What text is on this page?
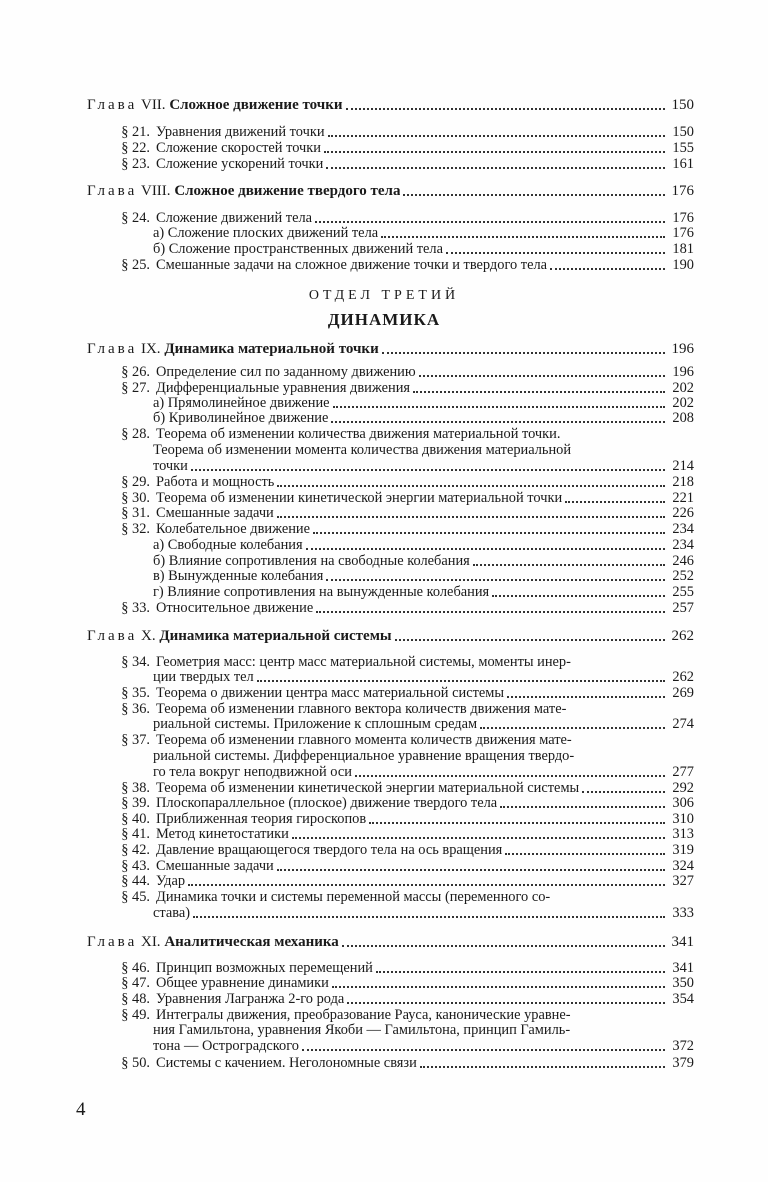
Глава VII. Сложное движение точки	150
§ 21. Уравнения движений точки	150
§ 22. Сложение скоростей точки	155
§ 23. Сложение ускорений точки	161
Глава VIII. Сложное движение твердого тела	176
§ 24. Сложение движений тела	176
а) Сложение плоских движений тела	176
б) Сложение пространственных движений тела	181
§ 25. Смешанные задачи на сложное движение точки и твердого тела	190
ОТДЕЛ ТРЕТИЙ
ДИНАМИКА
Глава IX. Динамика материальной точки	196
§ 26. Определение сил по заданному движению	196
§ 27. Дифференциальные уравнения движения	202
а) Прямолинейное движение	202
б) Криволинейное движение	208
§ 28. Теорема об изменении количества движения материальной точки.
Теорема об изменении момента количества движения материальной
точки	214
§ 29. Работа и мощность	218
§ 30. Теорема об изменении кинетической энергии материальной точки	221
§ 31. Смешанные задачи	226
§ 32. Колебательное движение	234
а) Свободные колебания	234
б) Влияние сопротивления на свободные колебания	246
в) Вынужденные колебания	252
г) Влияние сопротивления на вынужденные колебания	255
§ 33. Относительное движение	257
Глава X. Динамика материальной системы	262
§ 34. Геометрия масс: центр масс материальной системы, моменты инер-
ции твердых тел	262
§ 35. Теорема о движении центра масс материальной системы	269
§ 36. Теорема об изменении главного вектора количеств движения мате-
риальной системы. Приложение к сплошным средам	274
§ 37. Теорема об изменении главного момента количеств движения мате-
риальной системы. Дифференциальное уравнение вращения твердо-
го тела вокруг неподвижной оси	277
§ 38. Теорема об изменении кинетической энергии материальной системы	292
§ 39. Плоскопараллельное (плоское) движение твердого тела	306
§ 40. Приближенная теория гироскопов	310
§ 41. Метод кинетостатики	313
§ 42. Давление вращающегося твердого тела на ось вращения	319
§ 43. Смешанные задачи	324
§ 44. Удар	327
§ 45. Динамика точки и системы переменной массы (переменного со-
става)	333
Глава XI. Аналитическая механика	341
§ 46. Принцип возможных перемещений	341
§ 47. Общее уравнение динамики	350
§ 48. Уравнения Лагранжа 2-го рода	354
§ 49. Интегралы движения, преобразование Рауса, канонические уравне-
ния Гамильтона, уравнения Якоби — Гамильтона, принцип Гамиль-
тона — Остроградского	372
§ 50. Системы с качением. Неголономные связи	379
4
